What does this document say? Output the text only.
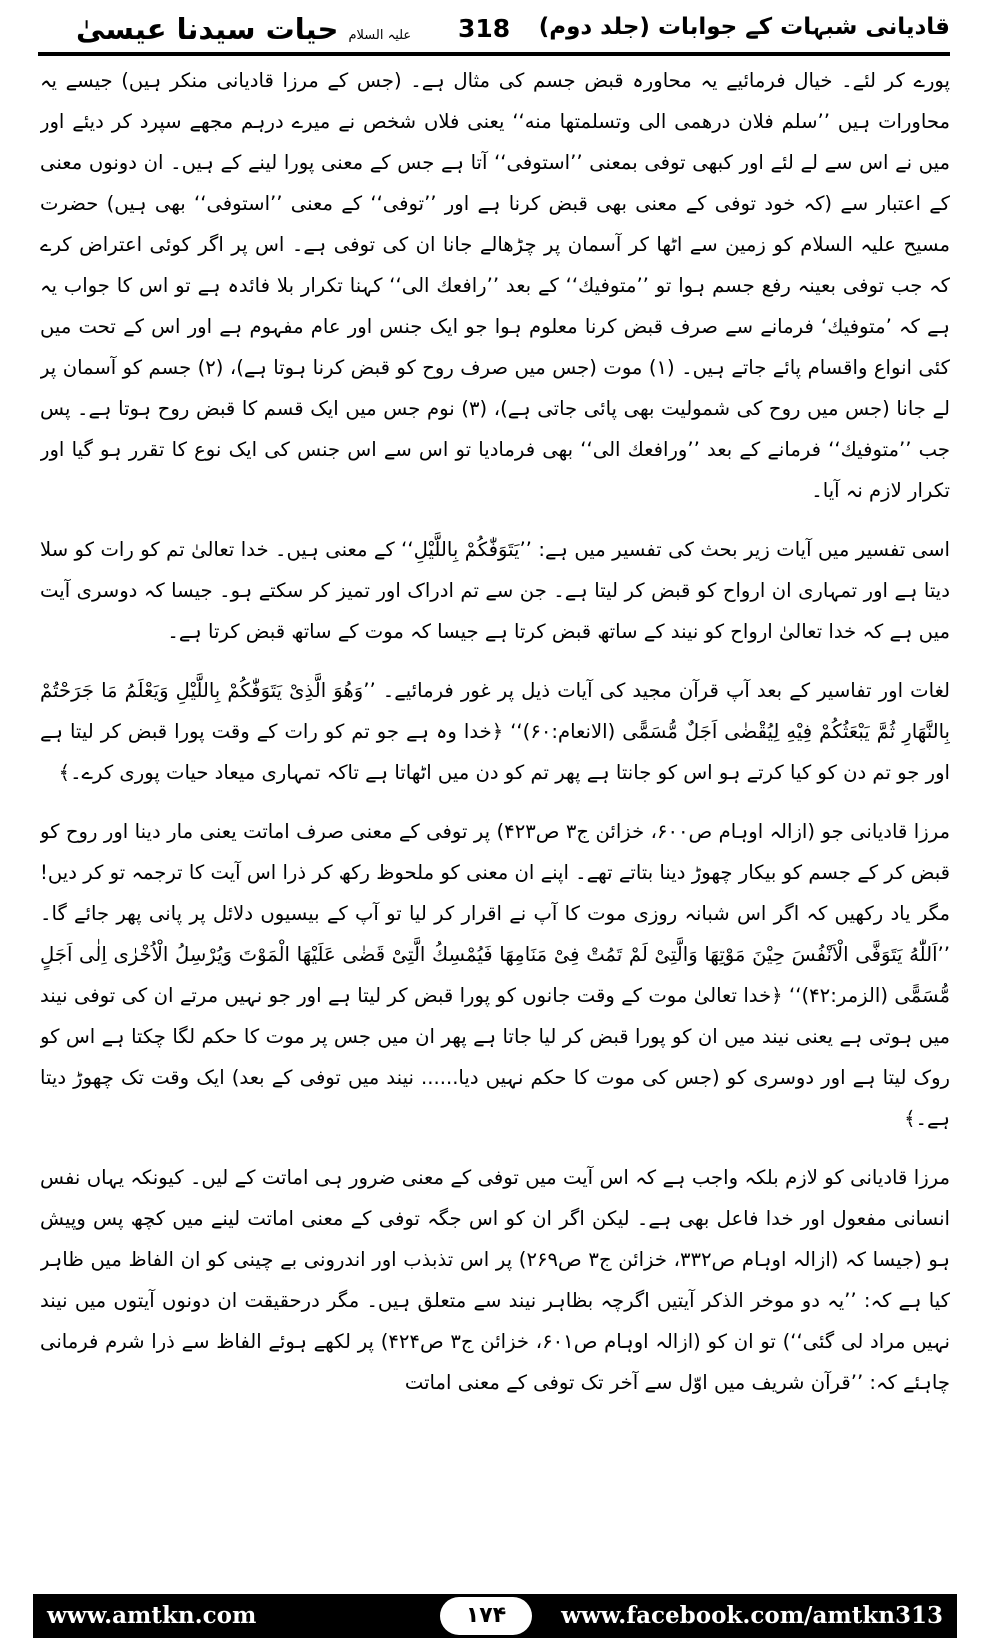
علیہ السلام حیات سیدنا عیسیٰ	318 قادیانی شبہات کے جوابات (جلد دوم)

پورے کر لئے۔ خیال فرمائیے یہ محاورہ قبض جسم کی مثال ہے۔ (جس کے مرزا قادیانی منکر ہیں) جیسے یہ محاورات ہیں ’’سلم فلان درهمی الی وتسلمتها منه‘‘ یعنی فلاں شخص نے میرے درہم مجھے سپرد کر دیئے اور میں نے اس سے لے لئے اور کبھی توفی بمعنی ’’استوفی‘‘ آتا ہے جس کے معنی پورا لینے کے ہیں۔ ان دونوں معنی کے اعتبار سے (کہ خود توفی کے معنی بھی قبض کرنا ہے اور ’’توفی‘‘ کے معنی ’’استوفی‘‘ بھی ہیں) حضرت مسیح علیہ السلام کو زمین سے اٹھا کر آسمان پر چڑھالے جانا ان کی توفی ہے۔ اس پر اگر کوئی اعتراض کرے کہ جب توفی بعینہ رفع جسم ہوا تو ’’متوفیك‘‘ کے بعد ’’رافعك الی‘‘ کہنا تکرار بلا فائدہ ہے تو اس کا جواب یہ ہے کہ ’متوفیك‘ فرمانے سے صرف قبض کرنا معلوم ہوا جو ایک جنس اور عام مفہوم ہے اور اس کے تحت میں کئی انواع واقسام پائے جاتے ہیں۔ (۱) موت (جس میں صرف روح کو قبض کرنا ہوتا ہے)، (۲) جسم کو آسمان پر لے جانا (جس میں روح کی شمولیت بھی پائی جاتی ہے)، (۳) نوم جس میں ایک قسم کا قبض روح ہوتا ہے۔ پس جب ’’متوفیك‘‘ فرمانے کے بعد ’’ورافعك الی‘‘ بھی فرمادیا تو اس سے اس جنس کی ایک نوع کا تقرر ہو گیا اور تکرار لازم نہ آیا۔

اسی تفسیر میں آیات زیر بحث کی تفسیر میں ہے: ’’یَتَوَفّٰکُمْ بِاللَّیْلِ‘‘ کے معنی ہیں۔ خدا تعالیٰ تم کو رات کو سلا دیتا ہے اور تمہاری ان ارواح کو قبض کر لیتا ہے۔ جن سے تم ادراک اور تمیز کر سکتے ہو۔ جیسا کہ دوسری آیت میں ہے کہ خدا تعالیٰ ارواح کو نیند کے ساتھ قبض کرتا ہے جیسا کہ موت کے ساتھ قبض کرتا ہے۔

لغات اور تفاسیر کے بعد آپ قرآن مجید کی آیات ذیل پر غور فرمائیے۔ ’’وَهُوَ الَّذِیْ یَتَوَفّٰکُمْ بِاللَّیْلِ وَیَعْلَمُ مَا جَرَحْتُمْ بِالنَّهَارِ ثُمَّ یَبْعَثُکُمْ فِیْهِ لِیُقْضٰی اَجَلٌ مُّسَمًّی (الانعام:۶۰)‘‘ ﴿خدا وہ ہے جو تم کو رات کے وقت پورا قبض کر لیتا ہے اور جو تم دن کو کیا کرتے ہو اس کو جانتا ہے پھر تم کو دن میں اٹھاتا ہے تاکہ تمہاری میعاد حیات پوری کرے۔﴾

مرزا قادیانی جو (ازالہ اوہام ص۶۰۰، خزائن ج۳ ص۴۲۳) پر توفی کے معنی صرف اماتت یعنی مار دینا اور روح کو قبض کر کے جسم کو بیکار چھوڑ دینا بتاتے تھے۔ اپنے ان معنی کو ملحوظ رکھ کر ذرا اس آیت کا ترجمہ تو کر دیں! مگر یاد رکھیں کہ اگر اس شبانہ روزی موت کا آپ نے اقرار کر لیا تو آپ کے بیسیوں دلائل پر پانی پھر جائے گا۔ ’’اَللّٰهُ یَتَوَفَّی الْاَنْفُسَ حِیْنَ مَوْتِهَا وَالَّتِیْ لَمْ تَمُتْ فِیْ مَنَامِهَا فَیُمْسِكُ الَّتِیْ قَضٰی عَلَیْهَا الْمَوْتَ وَیُرْسِلُ الْاُخْرٰی اِلٰی اَجَلٍ مُّسَمًّی (الزمر:۴۲)‘‘ ﴿خدا تعالیٰ موت کے وقت جانوں کو پورا قبض کر لیتا ہے اور جو نہیں مرتے ان کی توفی نیند میں ہوتی ہے یعنی نیند میں ان کو پورا قبض کر لیا جاتا ہے پھر ان میں جس پر موت کا حکم لگا چکتا ہے اس کو روک لیتا ہے اور دوسری کو (جس کی موت کا حکم نہیں دیا...... نیند میں توفی کے بعد) ایک وقت تک چھوڑ دیتا ہے۔﴾

مرزا قادیانی کو لازم بلکہ واجب ہے کہ اس آیت میں توفی کے معنی ضرور ہی اماتت کے لیں۔ کیونکہ یہاں نفس انسانی مفعول اور خدا فاعل بھی ہے۔ لیکن اگر ان کو اس جگہ توفی کے معنی اماتت لینے میں کچھ پس وپیش ہو (جیسا کہ (ازالہ اوہام ص۳۳۲، خزائن ج۳ ص۲۶۹) پر اس تذبذب اور اندرونی بے چینی کو ان الفاظ میں ظاہر کیا ہے کہ: ’’یہ دو موخر الذکر آیتیں اگرچہ بظاہر نیند سے متعلق ہیں۔ مگر درحقیقت ان دونوں آیتوں میں نیند نہیں مراد لی گئی‘‘) تو ان کو (ازالہ اوہام ص۶۰۱، خزائن ج۳ ص۴۲۴) پر لکھے ہوئے الفاظ سے ذرا شرم فرمانی چاہئے کہ: ’’قرآن شریف میں اوّل سے آخر تک توفی کے معنی اماتت

www.amtkn.com	۱۷۴	www.facebook.com/amtkn313
